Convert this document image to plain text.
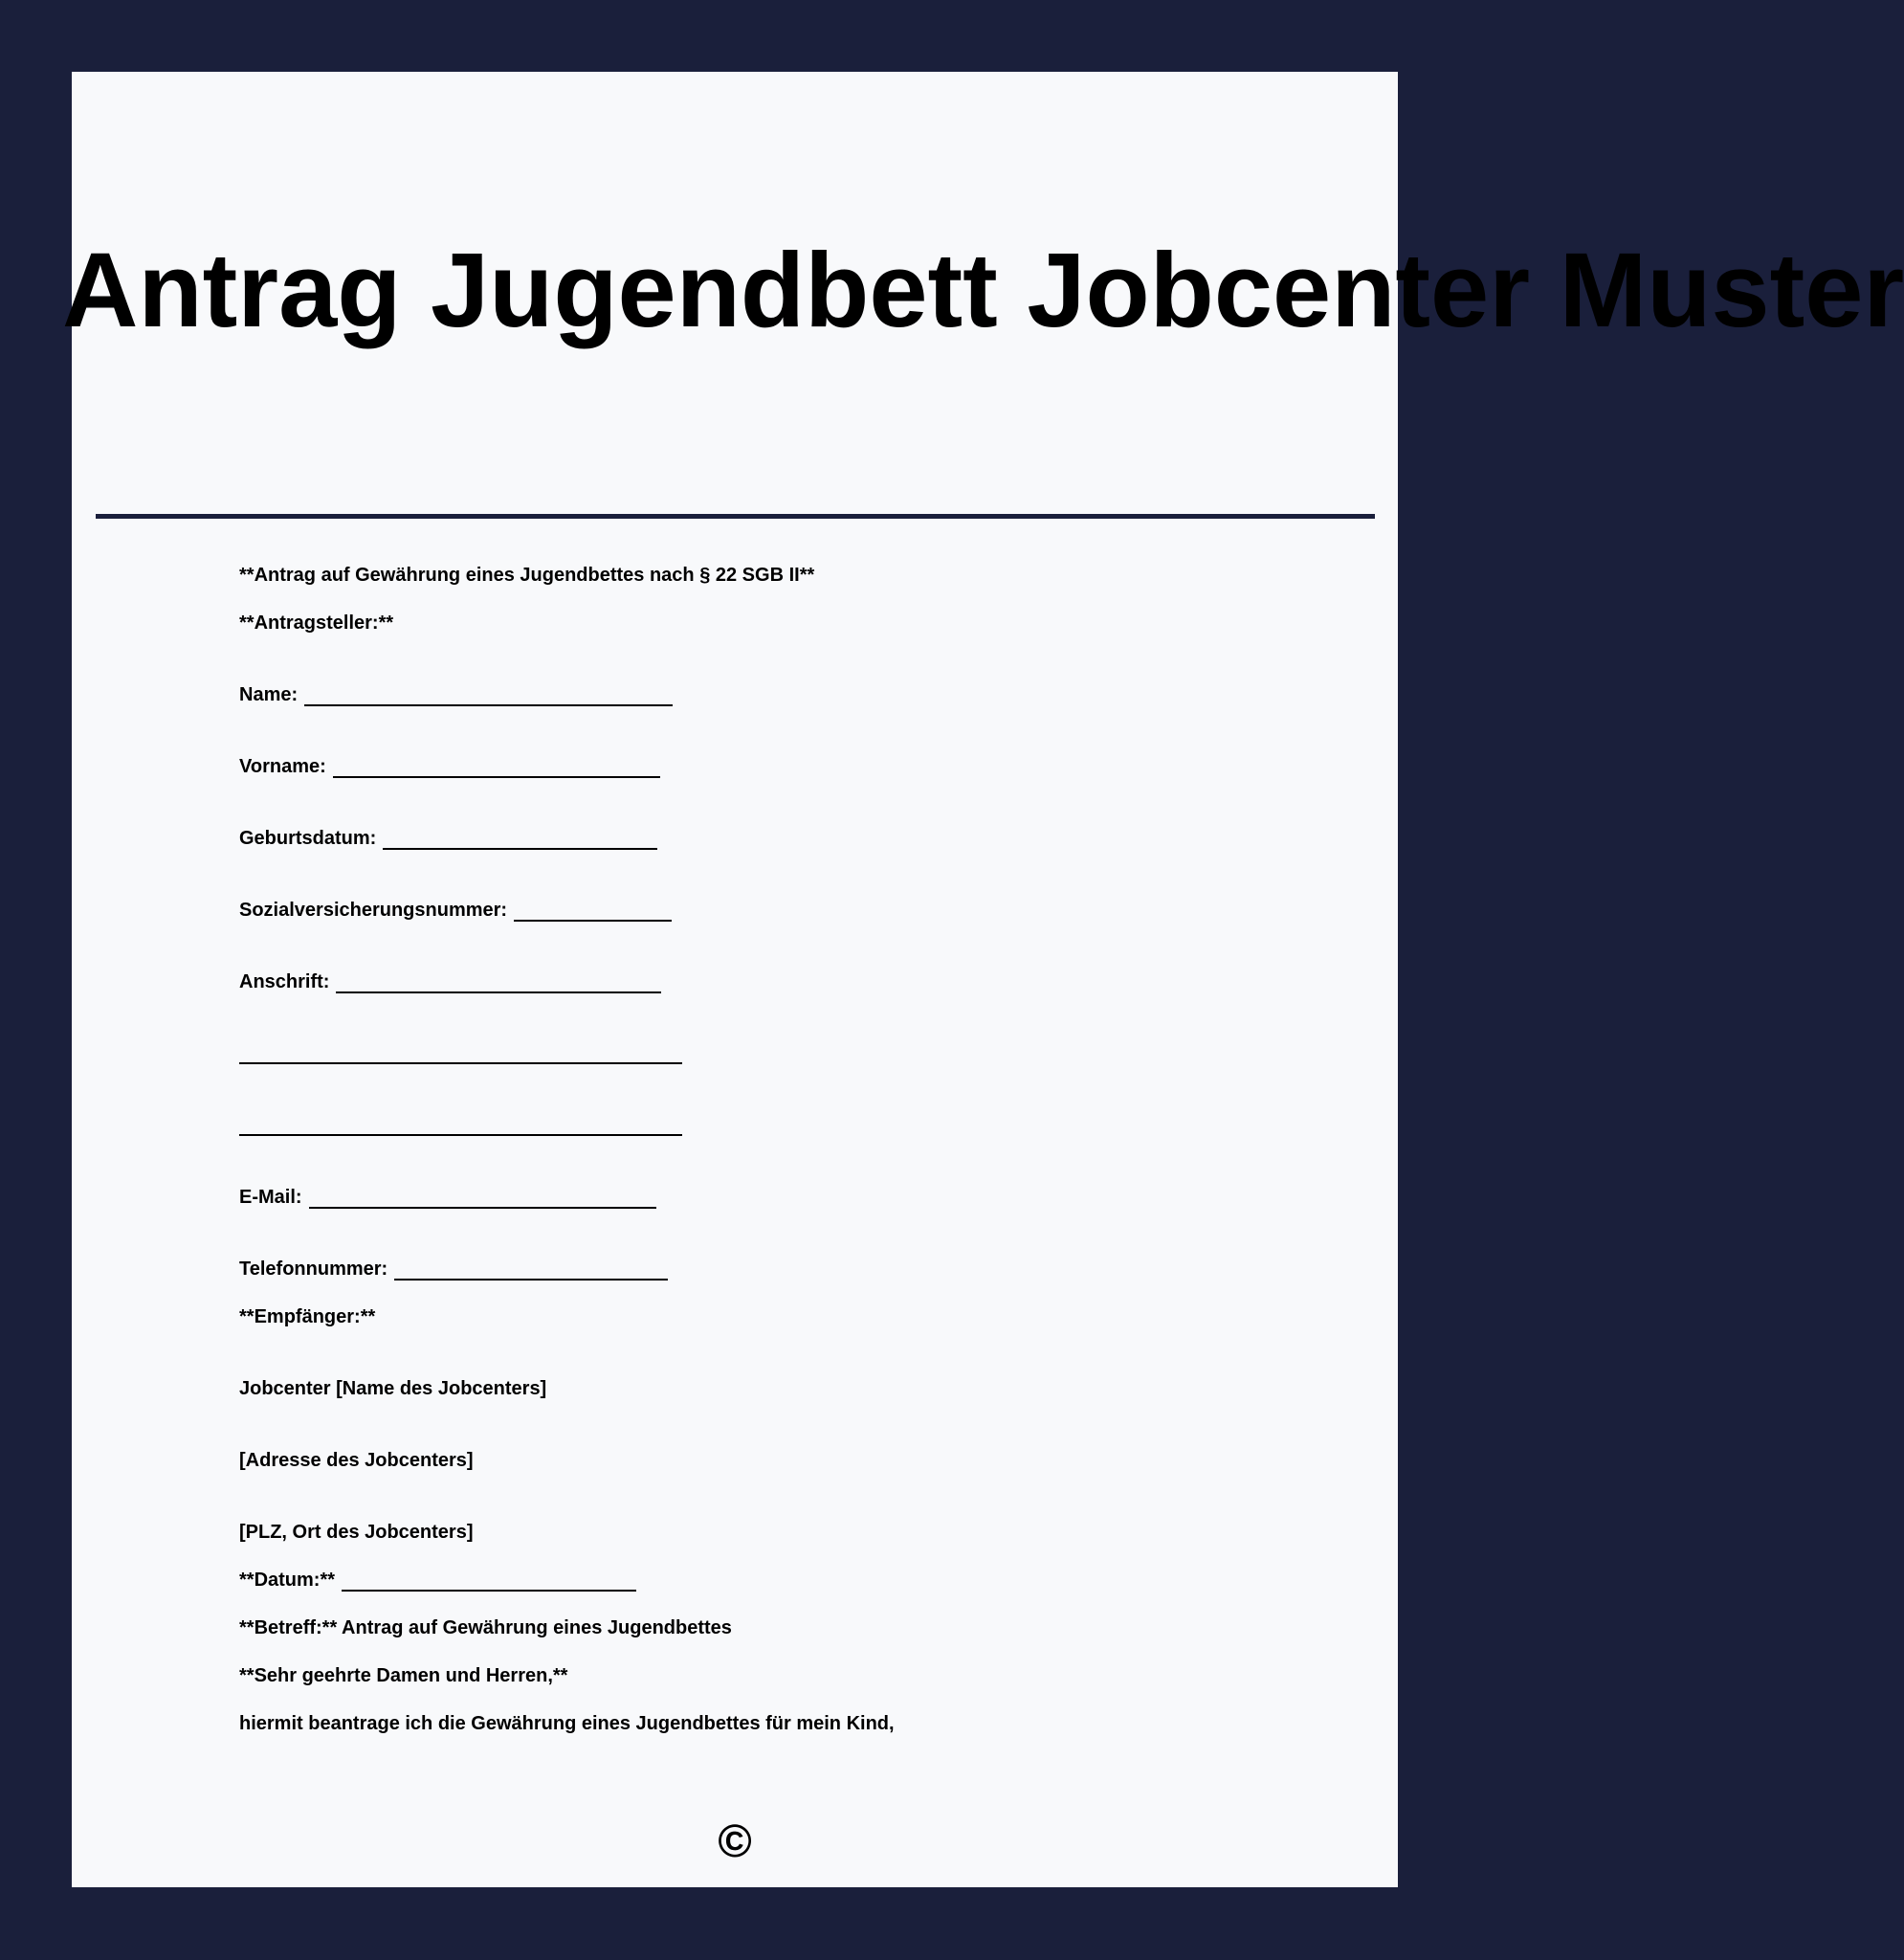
Antrag Jugendbett Jobcenter Muster
**Antrag auf Gewährung eines Jugendbettes nach § 22 SGB II**
**Antragsteller:**
Name:
Vorname:
Geburtsdatum:
Sozialversicherungsnummer:
Anschrift:
E-Mail:
Telefonnummer:
**Empfänger:**
Jobcenter [Name des Jobcenters]
[Adresse des Jobcenters]
[PLZ, Ort des Jobcenters]
**Datum:**
**Betreff:** Antrag auf Gewährung eines Jugendbettes
**Sehr geehrte Damen und Herren,**
hiermit beantrage ich die Gewährung eines Jugendbettes für mein Kind,
©
